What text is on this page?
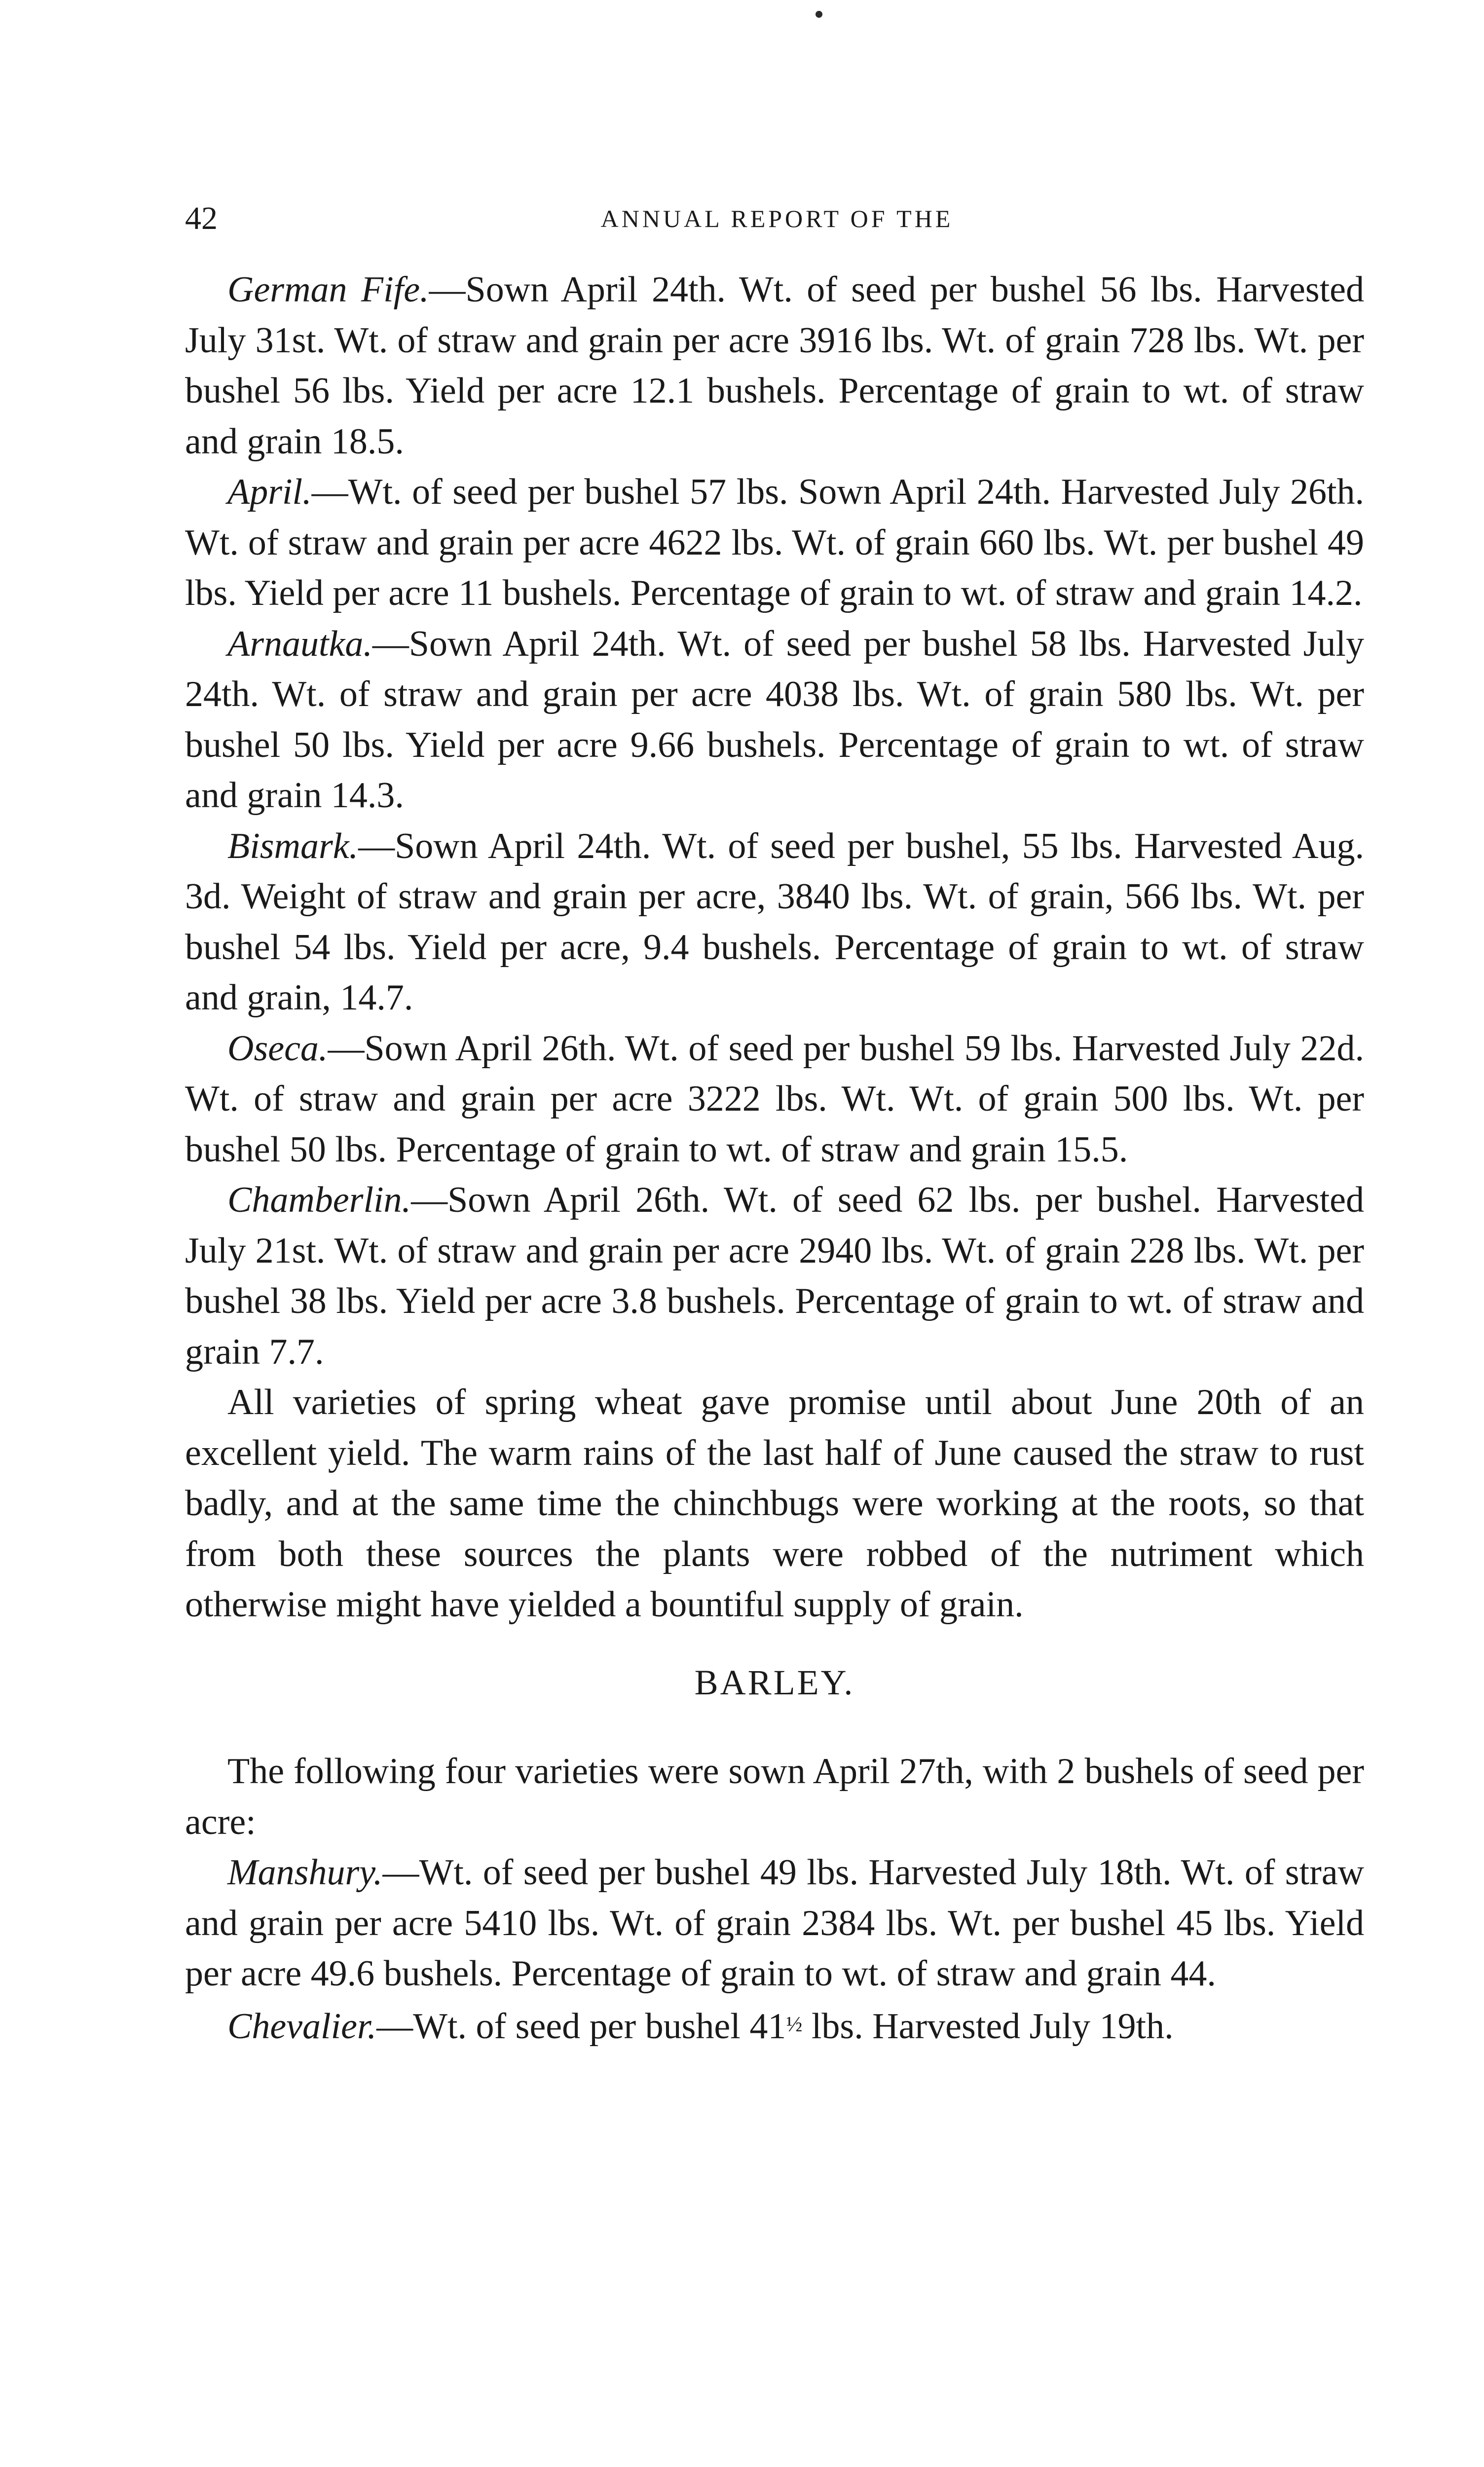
42	ANNUAL REPORT OF THE

German Fife.—Sown April 24th. Wt. of seed per bushel 56 lbs. Harvested July 31st. Wt. of straw and grain per acre 3916 lbs. Wt. of grain 728 lbs. Wt. per bushel 56 lbs. Yield per acre 12.1 bushels. Percentage of grain to wt. of straw and grain 18.5.

April.—Wt. of seed per bushel 57 lbs. Sown April 24th. Harvested July 26th. Wt. of straw and grain per acre 4622 lbs. Wt. of grain 660 lbs. Wt. per bushel 49 lbs. Yield per acre 11 bushels. Percentage of grain to wt. of straw and grain 14.2.

Arnautka.—Sown April 24th. Wt. of seed per bushel 58 lbs. Harvested July 24th. Wt. of straw and grain per acre 4038 lbs. Wt. of grain 580 lbs. Wt. per bushel 50 lbs. Yield per acre 9.66 bushels. Percentage of grain to wt. of straw and grain 14.3.

Bismark.—Sown April 24th. Wt. of seed per bushel, 55 lbs. Harvested Aug. 3d. Weight of straw and grain per acre, 3840 lbs. Wt. of grain, 566 lbs. Wt. per bushel 54 lbs. Yield per acre, 9.4 bushels. Percentage of grain to wt. of straw and grain, 14.7.

Oseca.—Sown April 26th. Wt. of seed per bushel 59 lbs. Harvested July 22d. Wt. of straw and grain per acre 3222 lbs. Wt. Wt. of grain 500 lbs. Wt. per bushel 50 lbs. Percentage of grain to wt. of straw and grain 15.5.

Chamberlin.—Sown April 26th. Wt. of seed 62 lbs. per bushel. Harvested July 21st. Wt. of straw and grain per acre 2940 lbs. Wt. of grain 228 lbs. Wt. per bushel 38 lbs. Yield per acre 3.8 bushels. Percentage of grain to wt. of straw and grain 7.7.

All varieties of spring wheat gave promise until about June 20th of an excellent yield. The warm rains of the last half of June caused the straw to rust badly, and at the same time the chinchbugs were working at the roots, so that from both these sources the plants were robbed of the nutriment which otherwise might have yielded a bountiful supply of grain.

BARLEY.

The following four varieties were sown April 27th, with 2 bushels of seed per acre:

Manshury.—Wt. of seed per bushel 49 lbs. Harvested July 18th. Wt. of straw and grain per acre 5410 lbs. Wt. of grain 2384 lbs. Wt. per bushel 45 lbs. Yield per acre 49.6 bushels. Percentage of grain to wt. of straw and grain 44.

Chevalier.—Wt. of seed per bushel 41½ lbs. Harvested July 19th.
